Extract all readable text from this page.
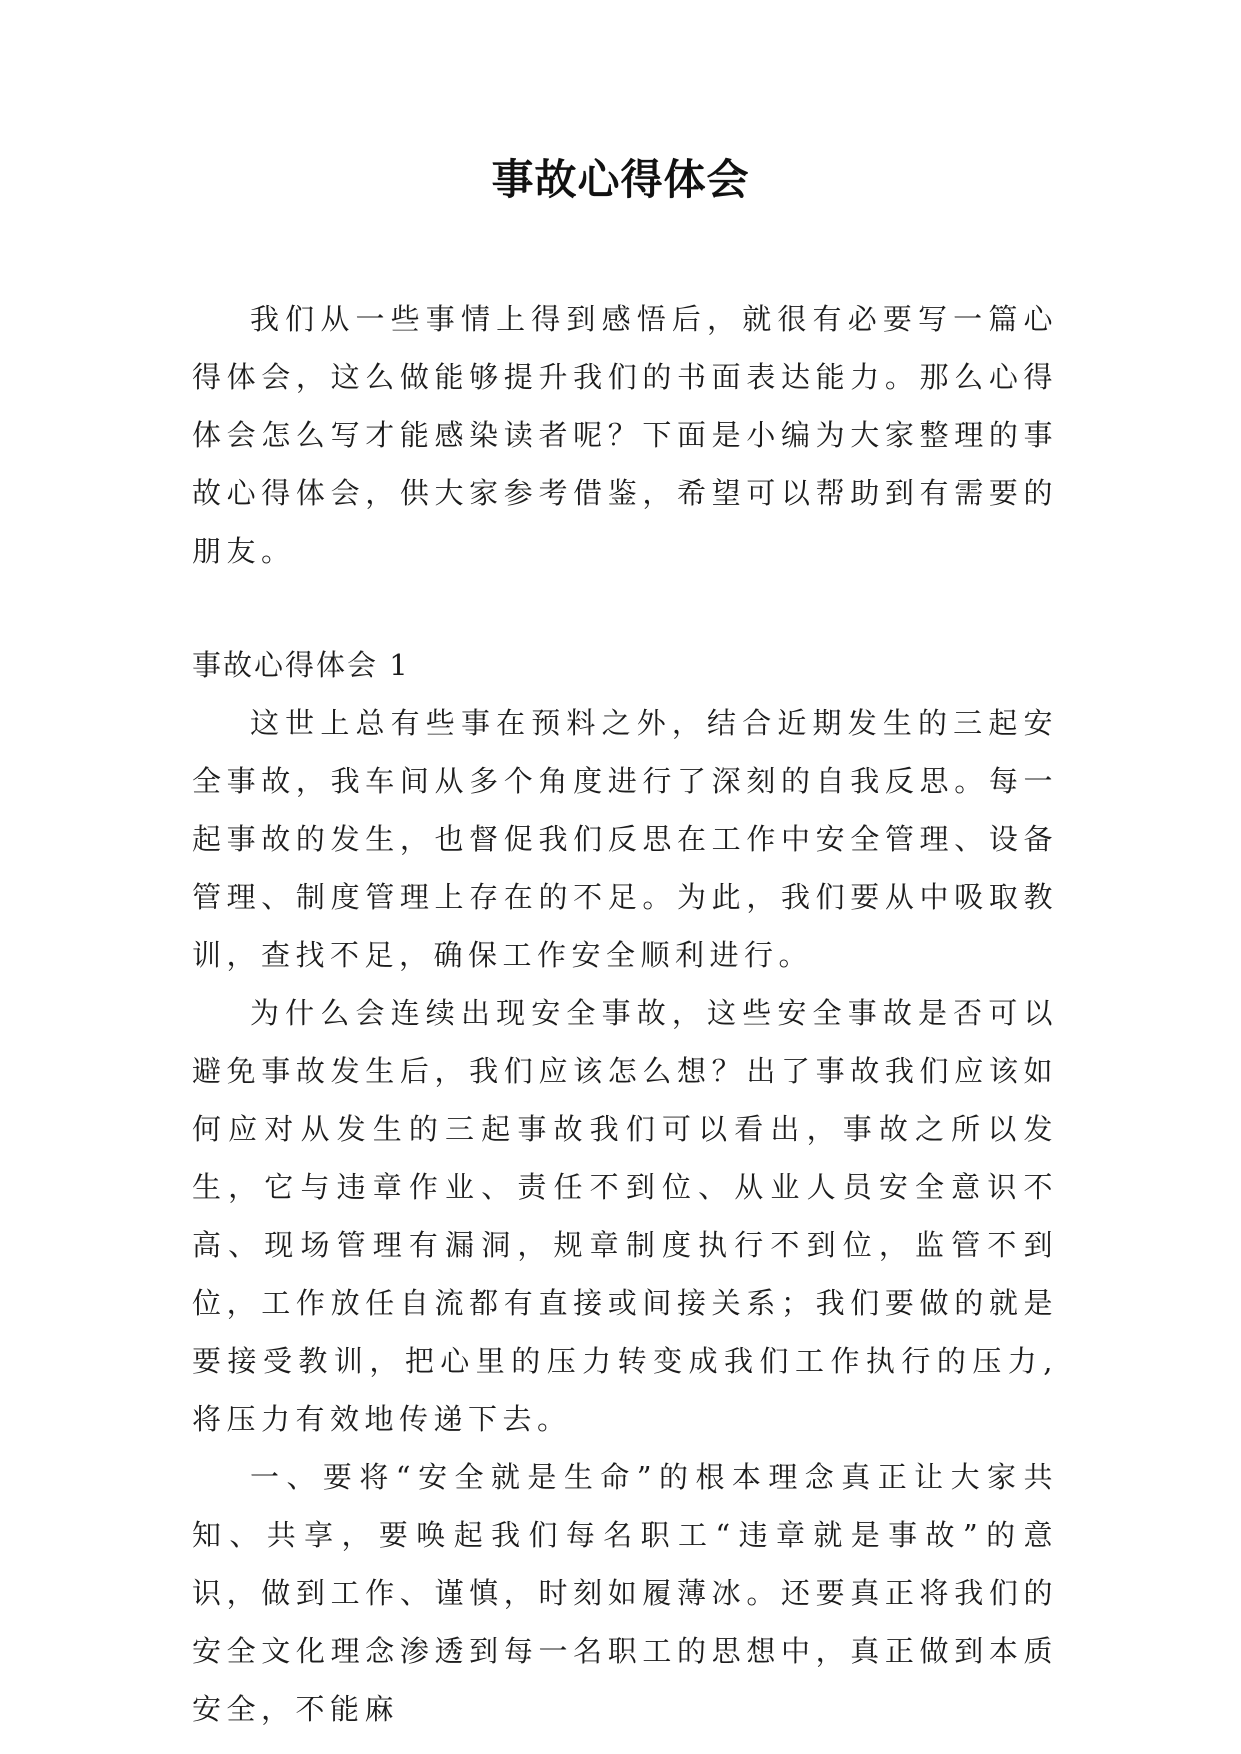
事故心得体会

我们从一些事情上得到感悟后，就很有必要写一篇心得体会，这么做能够提升我们的书面表达能力。那么心得体会怎么写才能感染读者呢？下面是小编为大家整理的事故心得体会，供大家参考借鉴，希望可以帮助到有需要的朋友。

事故心得体会 1

这世上总有些事在预料之外，结合近期发生的三起安全事故，我车间从多个角度进行了深刻的自我反思。每一起事故的发生，也督促我们反思在工作中安全管理、设备管理、制度管理上存在的不足。为此，我们要从中吸取教训，查找不足，确保工作安全顺利进行。

为什么会连续出现安全事故，这些安全事故是否可以避免事故发生后，我们应该怎么想？出了事故我们应该如何应对从发生的三起事故我们可以看出，事故之所以发生，它与违章作业、责任不到位、从业人员安全意识不高、现场管理有漏洞，规章制度执行不到位，监管不到位，工作放任自流都有直接或间接关系；我们要做的就是要接受教训，把心里的压力转变成我们工作执行的压力,将压力有效地传递下去。

一、要将“安全就是生命”的根本理念真正让大家共知、共享，要唤起我们每名职工“违章就是事故”的意识，做到工作、谨慎，时刻如履薄冰。还要真正将我们的安全文化理念渗透到每一名职工的思想中，真正做到本质安全，不能麻
